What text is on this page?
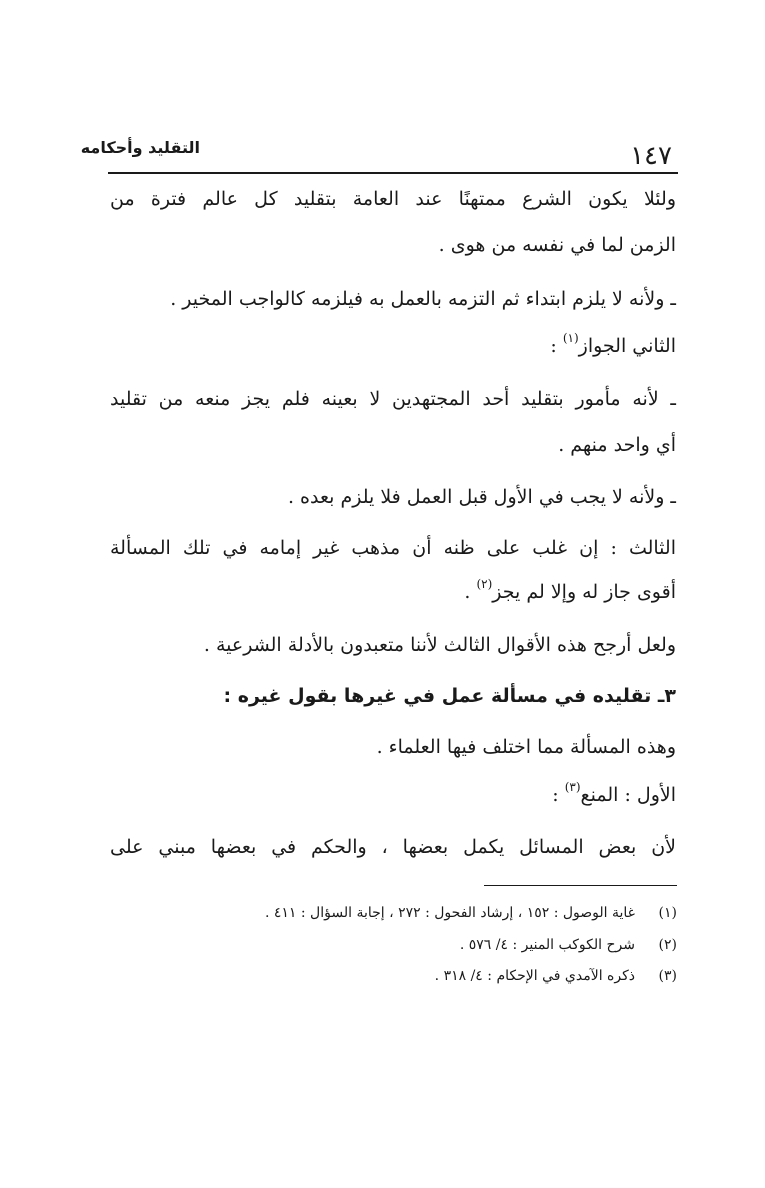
التقليد وأحكامه	١٤٧
ولئلا يكون الشرع ممتهنًا عند العامة بتقليد كل عالم فترة من
الزمن لما في نفسه من هوى .
ـ ولأنه لا يلزم ابتداء ثم التزمه بالعمل به فيلزمه كالواجب المخير .
الثاني الجواز$^{(١)}$ :
ـ لأنه مأمور بتقليد أحد المجتهدين لا بعينه فلم يجز منعه من تقليد
أي واحد منهم .
ـ ولأنه لا يجب في الأول قبل العمل فلا يلزم بعده .
الثالث : إن غلب على ظنه أن مذهب غير إمامه في تلك المسألة
أقوى جاز له وإلا لم يجز$^{(٢)}$ .
ولعل أرجح هذه الأقوال الثالث لأننا متعبدون بالأدلة الشرعية .
٣ـ تقليده في مسألة عمل في غيرها بقول غيره :
وهذه المسألة مما اختلف فيها العلماء .
الأول : المنع$^{(٣)}$ :
لأن بعض المسائل يكمل بعضها ، والحكم في بعضها مبني على
(١)غاية الوصول : ١٥٢ ، إرشاد الفحول : ٢٧٢ ، إجابة السؤال : ٤١١ .
(٢)شرح الكوكب المنير : ٤/ ٥٧٦ .
(٣)ذكره الآمدي في الإحكام : ٤/ ٣١٨ .
